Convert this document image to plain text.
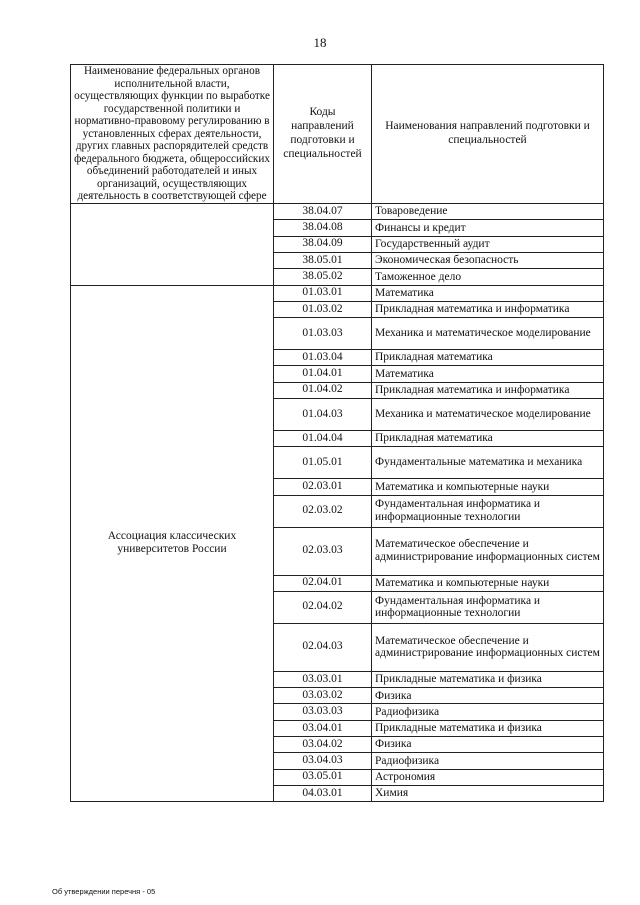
18
Наименование федеральных органов исполнительной власти, осуществляющих функции по выработке государственной политики и нормативно-правовому регулированию в установленных сферах деятельности, других главных распорядителей средств федерального бюджета, общероссийских объединений работодателей и иных организаций, осуществляющих деятельность в соответствующей сфере	Коды направлений подготовки и специальностей	Наименования направлений подготовки и специальностей
	38.04.07	Товароведение
	38.04.08	Финансы и кредит
	38.04.09	Государственный аудит
	38.05.01	Экономическая безопасность
	38.05.02	Таможенное дело
Ассоциация классических университетов России	01.03.01	Математика
	01.03.02	Прикладная математика и информатика
	01.03.03	Механика и математическое моделирование
	01.03.04	Прикладная математика
	01.04.01	Математика
	01.04.02	Прикладная математика и информатика
	01.04.03	Механика и математическое моделирование
	01.04.04	Прикладная математика
	01.05.01	Фундаментальные математика и механика
	02.03.01	Математика и компьютерные науки
	02.03.02	Фундаментальная информатика и информационные технологии
	02.03.03	Математическое обеспечение и администрирование информационных систем
	02.04.01	Математика и компьютерные науки
	02.04.02	Фундаментальная информатика и информационные технологии
	02.04.03	Математическое обеспечение и администрирование информационных систем
	03.03.01	Прикладные математика и физика
	03.03.02	Физика
	03.03.03	Радиофизика
	03.04.01	Прикладные математика и физика
	03.04.02	Физика
	03.04.03	Радиофизика
	03.05.01	Астрономия
	04.03.01	Химия
Об утверждении перечня - 05
